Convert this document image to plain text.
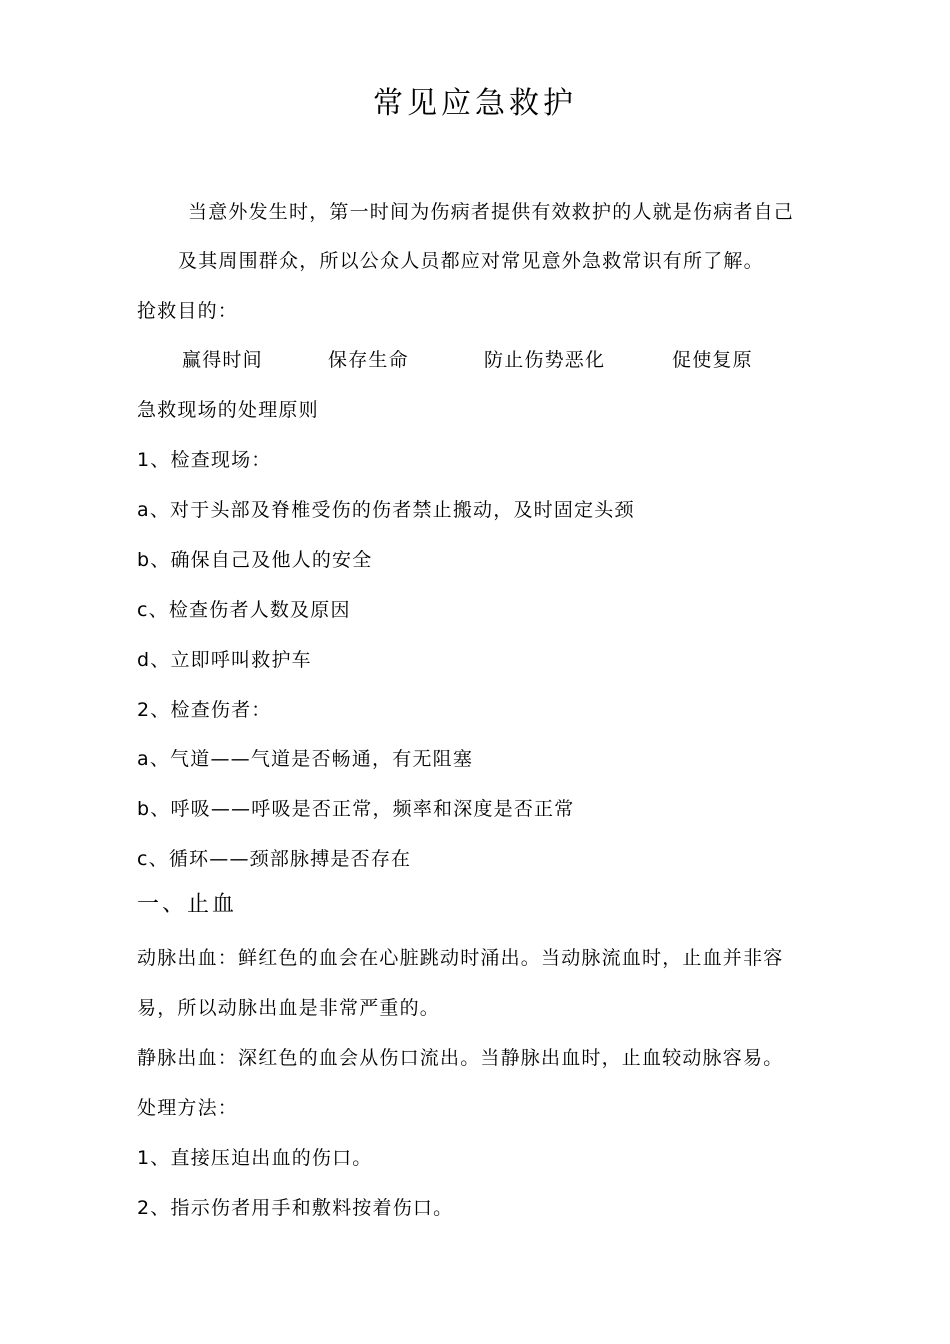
常见应急救护
当意外发生时，第一时间为伤病者提供有效救护的人就是伤病者自己
及其周围群众，所以公众人员都应对常见意外急救常识有所了解。
抢救目的：
赢得时间	保存生命	防止伤势恶化	促使复原
急救现场的处理原则
1、检查现场：
a、对于头部及脊椎受伤的伤者禁止搬动，及时固定头颈
b、确保自己及他人的安全
c、检查伤者人数及原因
d、立即呼叫救护车
2、检查伤者：
a、气道——气道是否畅通，有无阻塞
b、呼吸——呼吸是否正常，频率和深度是否正常
c、循环——颈部脉搏是否存在
一、止血
动脉出血：鲜红色的血会在心脏跳动时涌出。当动脉流血时，止血并非容
易，所以动脉出血是非常严重的。
静脉出血：深红色的血会从伤口流出。当静脉出血时，止血较动脉容易。
处理方法：
1、直接压迫出血的伤口。
2、指示伤者用手和敷料按着伤口。
